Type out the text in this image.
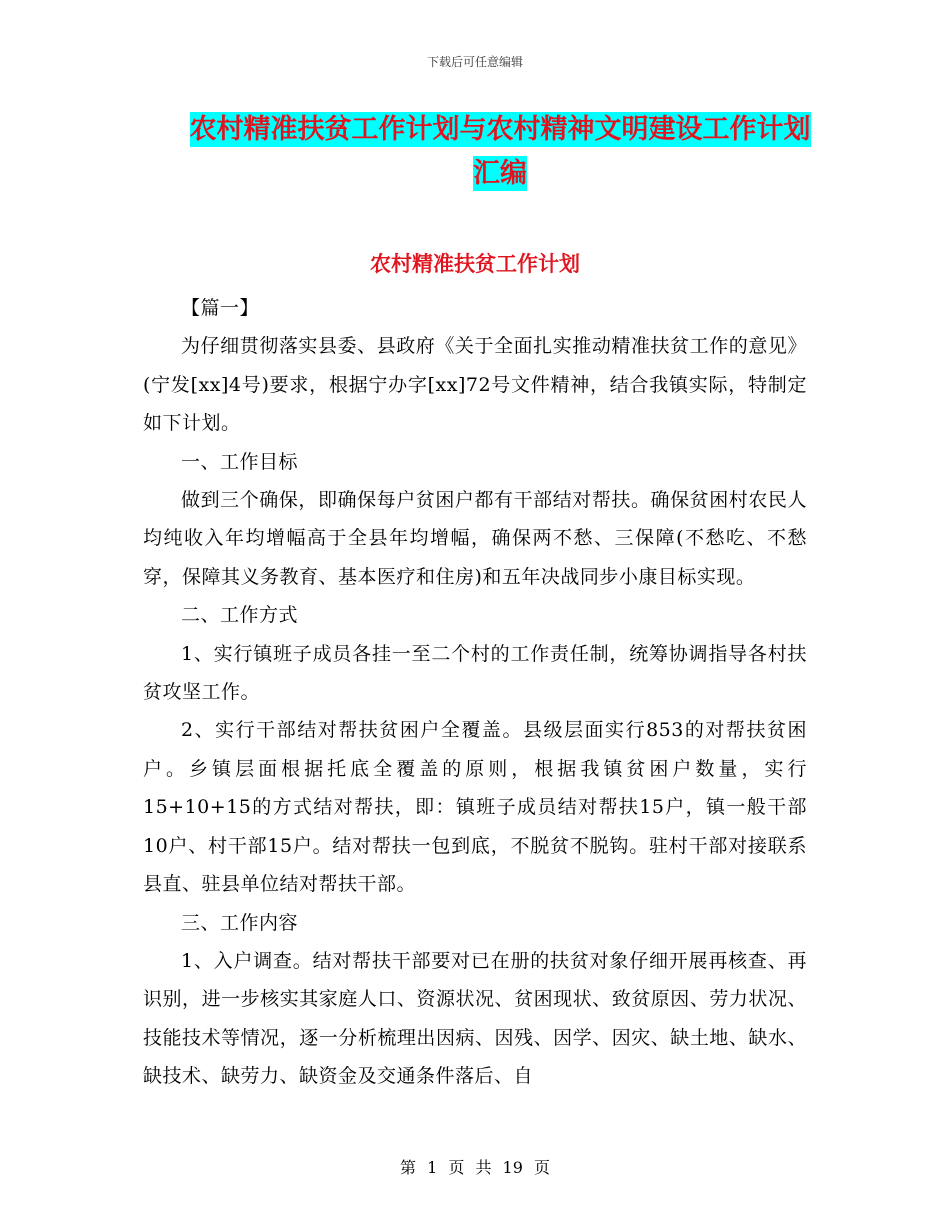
下载后可任意编辑
农村精准扶贫工作计划与农村精神文明建设工作计划
汇编
农村精准扶贫工作计划

【篇一】

为仔细贯彻落实县委、县政府《关于全面扎实推动精准扶贫工作的意见》(宁发[xx]4号)要求，根据宁办字[xx]72号文件精神，结合我镇实际，特制定如下计划。

一、工作目标

做到三个确保，即确保每户贫困户都有干部结对帮扶。确保贫困村农民人均纯收入年均增幅高于全县年均增幅，确保两不愁、三保障(不愁吃、不愁穿，保障其义务教育、基本医疗和住房)和五年决战同步小康目标实现。

二、工作方式

1、实行镇班子成员各挂一至二个村的工作责任制，统筹协调指导各村扶贫攻坚工作。

2、实行干部结对帮扶贫困户全覆盖。县级层面实行853的对帮扶贫困户。乡镇层面根据托底全覆盖的原则，根据我镇贫困户数量，实行15+10+15的方式结对帮扶，即：镇班子成员结对帮扶15户，镇一般干部10户、村干部15户。结对帮扶一包到底，不脱贫不脱钩。驻村干部对接联系县直、驻县单位结对帮扶干部。

三、工作内容

1、入户调查。结对帮扶干部要对已在册的扶贫对象仔细开展再核查、再识别，进一步核实其家庭人口、资源状况、贫困现状、致贫原因、劳力状况、技能技术等情况，逐一分析梳理出因病、因残、因学、因灾、缺土地、缺水、缺技术、缺劳力、缺资金及交通条件落后、自

第 1 页 共 19 页
